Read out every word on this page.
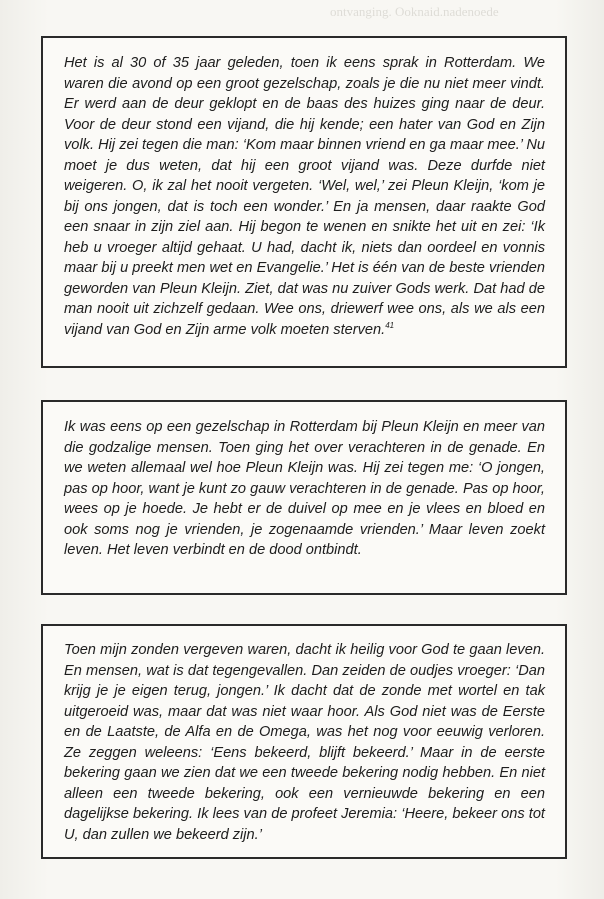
ontvanging. Ooknaid.nadenoede

Het is al 30 of 35 jaar geleden, toen ik eens sprak in Rotterdam. We waren die avond op een groot gezelschap, zoals je die nu niet meer vindt. Er werd aan de deur geklopt en de baas des huizes ging naar de deur. Voor de deur stond een vijand, die hij kende; een hater van God en Zijn volk. Hij zei tegen die man: ‘Kom maar binnen vriend en ga maar mee.’ Nu moet je dus weten, dat hij een groot vijand was. Deze durfde niet weigeren. O, ik zal het nooit vergeten. ‘Wel, wel,’ zei Pleun Kleijn, ‘kom je bij ons jongen, dat is toch een wonder.’ En ja mensen, daar raakte God een snaar in zijn ziel aan. Hij begon te wenen en snikte het uit en zei: ‘Ik heb u vroeger altijd gehaat. U had, dacht ik, niets dan oordeel en vonnis maar bij u preekt men wet en Evangelie.’ Het is één van de beste vrienden geworden van Pleun Kleijn. Ziet, dat was nu zuiver Gods werk. Dat had de man nooit uit zichzelf gedaan. Wee ons, driewerf wee ons, als we als een vijand van God en Zijn arme volk moeten sterven.$^{41}$

Ik was eens op een gezelschap in Rotterdam bij Pleun Kleijn en meer van die godzalige mensen. Toen ging het over verachteren in de genade. En we weten allemaal wel hoe Pleun Kleijn was. Hij zei tegen me: ‘O jongen, pas op hoor, want je kunt zo gauw verachteren in de genade. Pas op hoor, wees op je hoede. Je hebt er de duivel op mee en je vlees en bloed en ook soms nog je vrienden, je zogenaamde vrienden.’ Maar leven zoekt leven. Het leven verbindt en de dood ontbindt.

Toen mijn zonden vergeven waren, dacht ik heilig voor God te gaan leven. En mensen, wat is dat tegengevallen. Dan zeiden de oudjes vroeger: ‘Dan krijg je je eigen terug, jongen.’ Ik dacht dat de zonde met wortel en tak uitgeroeid was, maar dat was niet waar hoor. Als God niet was de Eerste en de Laatste, de Alfa en de Omega, was het nog voor eeuwig verloren. Ze zeggen weleens: ‘Eens bekeerd, blijft bekeerd.’ Maar in de eerste bekering gaan we zien dat we een tweede bekering nodig hebben. En niet alleen een tweede bekering, ook een vernieuwde bekering en een dagelijkse bekering. Ik lees van de profeet Jeremia: ‘Heere, bekeer ons tot U, dan zullen we bekeerd zijn.’
